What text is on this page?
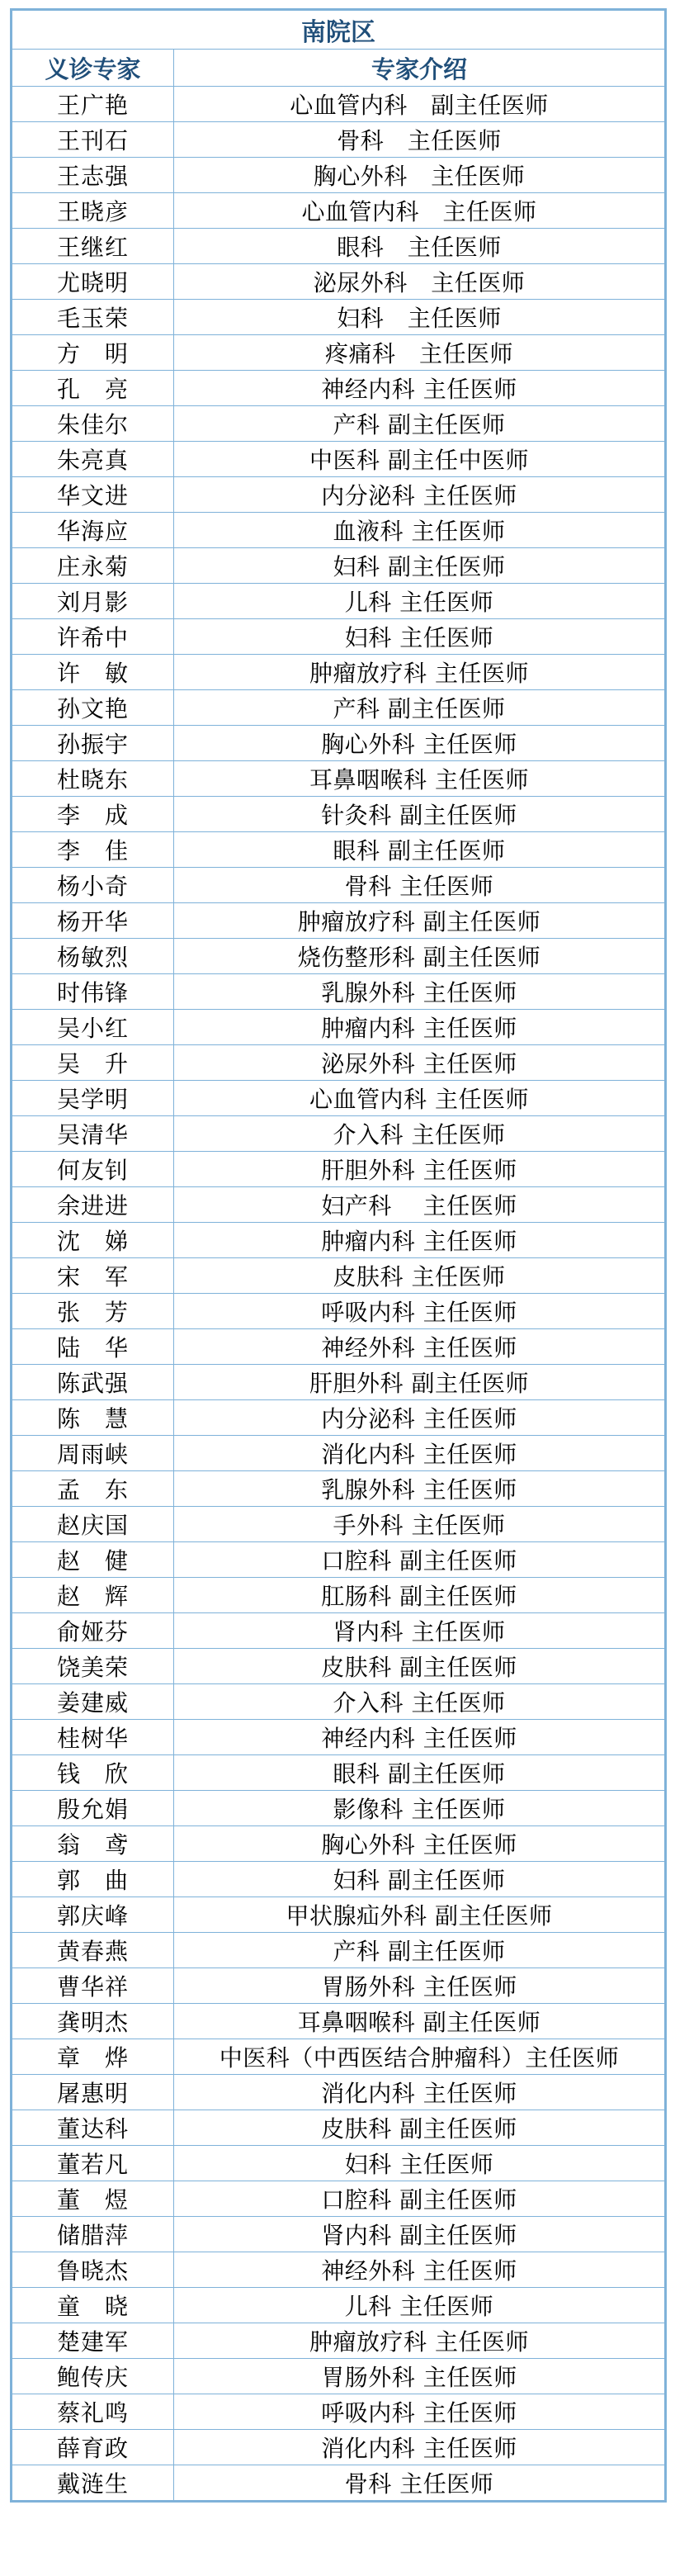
南院区	
义诊专家	专家介绍
王广艳	心血管内科　副主任医师
王刊石	骨科　主任医师
王志强	胸心外科　主任医师
王晓彦	心血管内科　主任医师
王继红	眼科　主任医师
尤晓明	泌尿外科　主任医师
毛玉荣	妇科　主任医师
方　明	疼痛科　主任医师
孔　亮	神经内科 主任医师
朱佳尔	产科 副主任医师
朱亮真	中医科 副主任中医师
华文进	内分泌科 主任医师
华海应	血液科 主任医师
庄永菊	妇科 副主任医师
刘月影	儿科 主任医师
许希中	妇科 主任医师
许　敏	肿瘤放疗科 主任医师
孙文艳	产科 副主任医师
孙振宇	胸心外科 主任医师
杜晓东	耳鼻咽喉科 主任医师
李　成	针灸科 副主任医师
李　佳	眼科 副主任医师
杨小奇	骨科 主任医师
杨开华	肿瘤放疗科 副主任医师
杨敏烈	烧伤整形科 副主任医师
时伟锋	乳腺外科 主任医师
吴小红	肿瘤内科 主任医师
吴　升	泌尿外科 主任医师
吴学明	心血管内科 主任医师
吴清华	介入科 主任医师
何友钊	肝胆外科 主任医师
余进进	妇产科　 主任医师
沈　娣	肿瘤内科 主任医师
宋　军	皮肤科 主任医师
张　芳	呼吸内科 主任医师
陆　华	神经外科 主任医师
陈武强	肝胆外科 副主任医师
陈　慧	内分泌科 主任医师
周雨峡	消化内科 主任医师
孟　东	乳腺外科 主任医师
赵庆国	手外科 主任医师
赵　健	口腔科 副主任医师
赵　辉	肛肠科 副主任医师
俞娅芬	肾内科 主任医师
饶美荣	皮肤科 副主任医师
姜建威	介入科 主任医师
桂树华	神经内科 主任医师
钱　欣	眼科 副主任医师
殷允娟	影像科 主任医师
翁　鸢	胸心外科 主任医师
郭　曲	妇科 副主任医师
郭庆峰	甲状腺疝外科 副主任医师
黄春燕	产科 副主任医师
曹华祥	胃肠外科 主任医师
龚明杰	耳鼻咽喉科 副主任医师
章　烨	中医科（中西医结合肿瘤科）主任医师
屠惠明	消化内科 主任医师
董达科	皮肤科 副主任医师
董若凡	妇科 主任医师
董　煜	口腔科 副主任医师
储腊萍	肾内科 副主任医师
鲁晓杰	神经外科 主任医师
童　晓	儿科 主任医师
楚建军	肿瘤放疗科 主任医师
鲍传庆	胃肠外科 主任医师
蔡礼鸣	呼吸内科 主任医师
薛育政	消化内科 主任医师
戴涟生	骨科 主任医师
